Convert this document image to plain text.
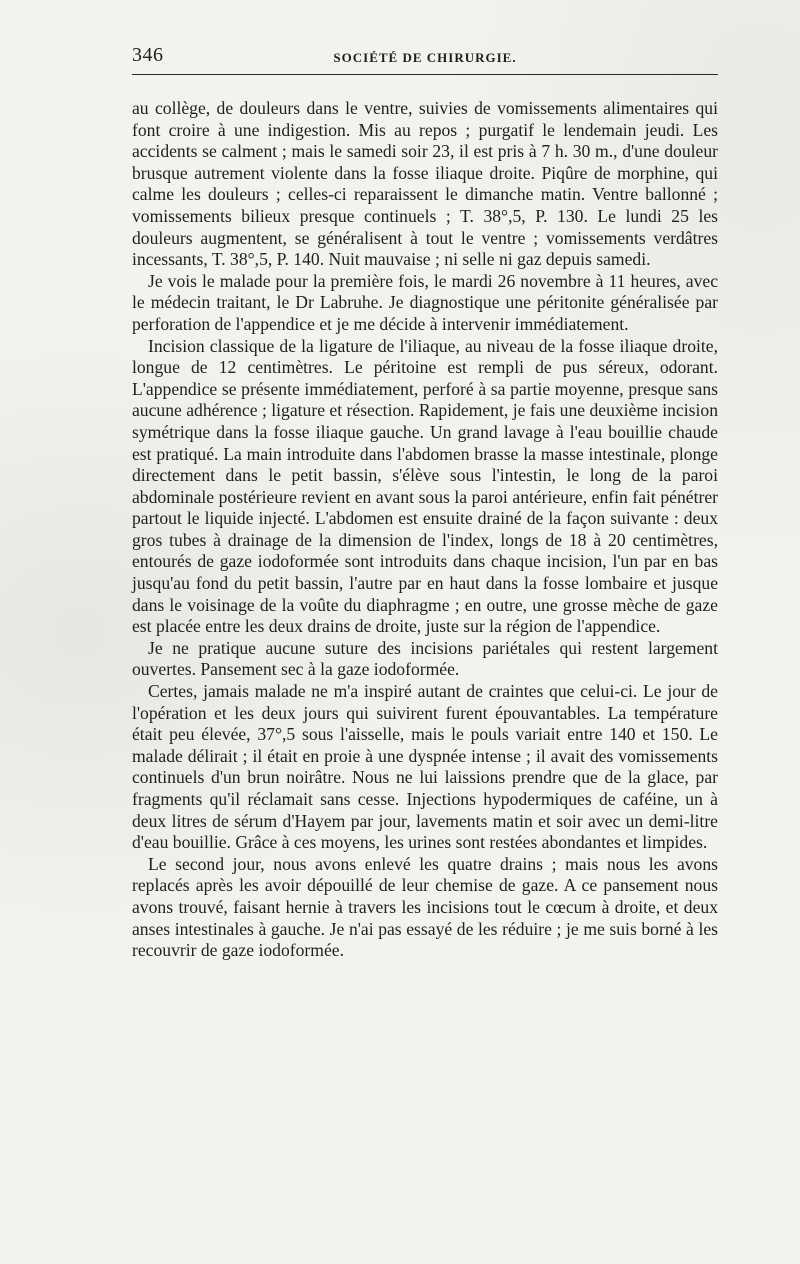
346	SOCIÉTÉ DE CHIRURGIE.

au collège, de douleurs dans le ventre, suivies de vomissements alimentaires qui font croire à une indigestion. Mis au repos ; purgatif le lendemain jeudi. Les accidents se calment ; mais le samedi soir 23, il est pris à 7 h. 30 m., d'une douleur brusque autrement violente dans la fosse iliaque droite. Piqûre de morphine, qui calme les douleurs ; celles-ci reparaissent le dimanche matin. Ventre ballonné ; vomissements bilieux presque continuels ; T. 38°,5, P. 130. Le lundi 25 les douleurs augmentent, se généralisent à tout le ventre ; vomissements verdâtres incessants, T. 38°,5, P. 140. Nuit mauvaise ; ni selle ni gaz depuis samedi.

Je vois le malade pour la première fois, le mardi 26 novembre à 11 heures, avec le médecin traitant, le Dr Labruhe. Je diagnostique une péritonite généralisée par perforation de l'appendice et je me décide à intervenir immédiatement.

Incision classique de la ligature de l'iliaque, au niveau de la fosse iliaque droite, longue de 12 centimètres. Le péritoine est rempli de pus séreux, odorant. L'appendice se présente immédiatement, perforé à sa partie moyenne, presque sans aucune adhérence ; ligature et résection. Rapidement, je fais une deuxième incision symétrique dans la fosse iliaque gauche. Un grand lavage à l'eau bouillie chaude est pratiqué. La main introduite dans l'abdomen brasse la masse intestinale, plonge directement dans le petit bassin, s'élève sous l'intestin, le long de la paroi abdominale postérieure revient en avant sous la paroi antérieure, enfin fait pénétrer partout le liquide injecté. L'abdomen est ensuite drainé de la façon suivante : deux gros tubes à drainage de la dimension de l'index, longs de 18 à 20 centimètres, entourés de gaze iodoformée sont introduits dans chaque incision, l'un par en bas jusqu'au fond du petit bassin, l'autre par en haut dans la fosse lombaire et jusque dans le voisinage de la voûte du diaphragme ; en outre, une grosse mèche de gaze est placée entre les deux drains de droite, juste sur la région de l'appendice.

Je ne pratique aucune suture des incisions pariétales qui restent largement ouvertes. Pansement sec à la gaze iodoformée.

Certes, jamais malade ne m'a inspiré autant de craintes que celui-ci. Le jour de l'opération et les deux jours qui suivirent furent épouvantables. La température était peu élevée, 37°,5 sous l'aisselle, mais le pouls variait entre 140 et 150. Le malade délirait ; il était en proie à une dyspnée intense ; il avait des vomissements continuels d'un brun noirâtre. Nous ne lui laissions prendre que de la glace, par fragments qu'il réclamait sans cesse. Injections hypodermiques de caféine, un à deux litres de sérum d'Hayem par jour, lavements matin et soir avec un demi-litre d'eau bouillie. Grâce à ces moyens, les urines sont restées abondantes et limpides.

Le second jour, nous avons enlevé les quatre drains ; mais nous les avons replacés après les avoir dépouillé de leur chemise de gaze. A ce pansement nous avons trouvé, faisant hernie à travers les incisions tout le cœcum à droite, et deux anses intestinales à gauche. Je n'ai pas essayé de les réduire ; je me suis borné à les recouvrir de gaze iodoformée.
